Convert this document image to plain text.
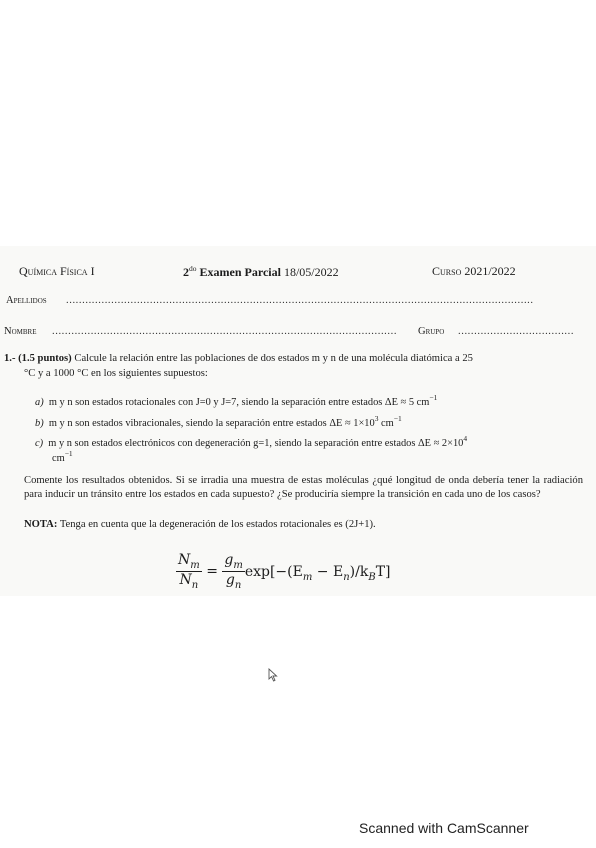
Química Física I	$2^{do}$ Examen Parcial 18/05/2022	Curso 2021/2022
Apellidos .................................................................................................................................................
Nombre ...........................................................................................................	Grupo ....................................
1.- (1.5 puntos) Calcule la relación entre las poblaciones de dos estados m y n de una molécula diatómica a 25
°C y a 1000 °C en los siguientes supuestos:
a) m y n son estados rotacionales con J=0 y J=7, siendo la separación entre estados ΔE ≈ 5 $cm^{-1}$
b) m y n son estados vibracionales, siendo la separación entre estados $\Delta E \approx 1\times 10^3$ $cm^{-1}$
c) m y n son estados electrónicos con degeneración g=1, siendo la separación entre estados $\Delta E \approx 2\times 10^4$
$cm^{-1}$
Comente los resultados obtenidos. Si se irradia una muestra de estas moléculas ¿qué longitud de onda debería tener la radiación para inducir un tránsito entre los estados en cada supuesto? ¿Se produciría siempre la transición en cada uno de los casos?
NOTA: Tenga en cuenta que la degeneración de los estados rotacionales es (2J+1).
$\frac{N_m}{N_n} = \frac{g_m}{g_n} \exp[-(E_m - E_n)/k_BT]$
Scanned with CamScanner
